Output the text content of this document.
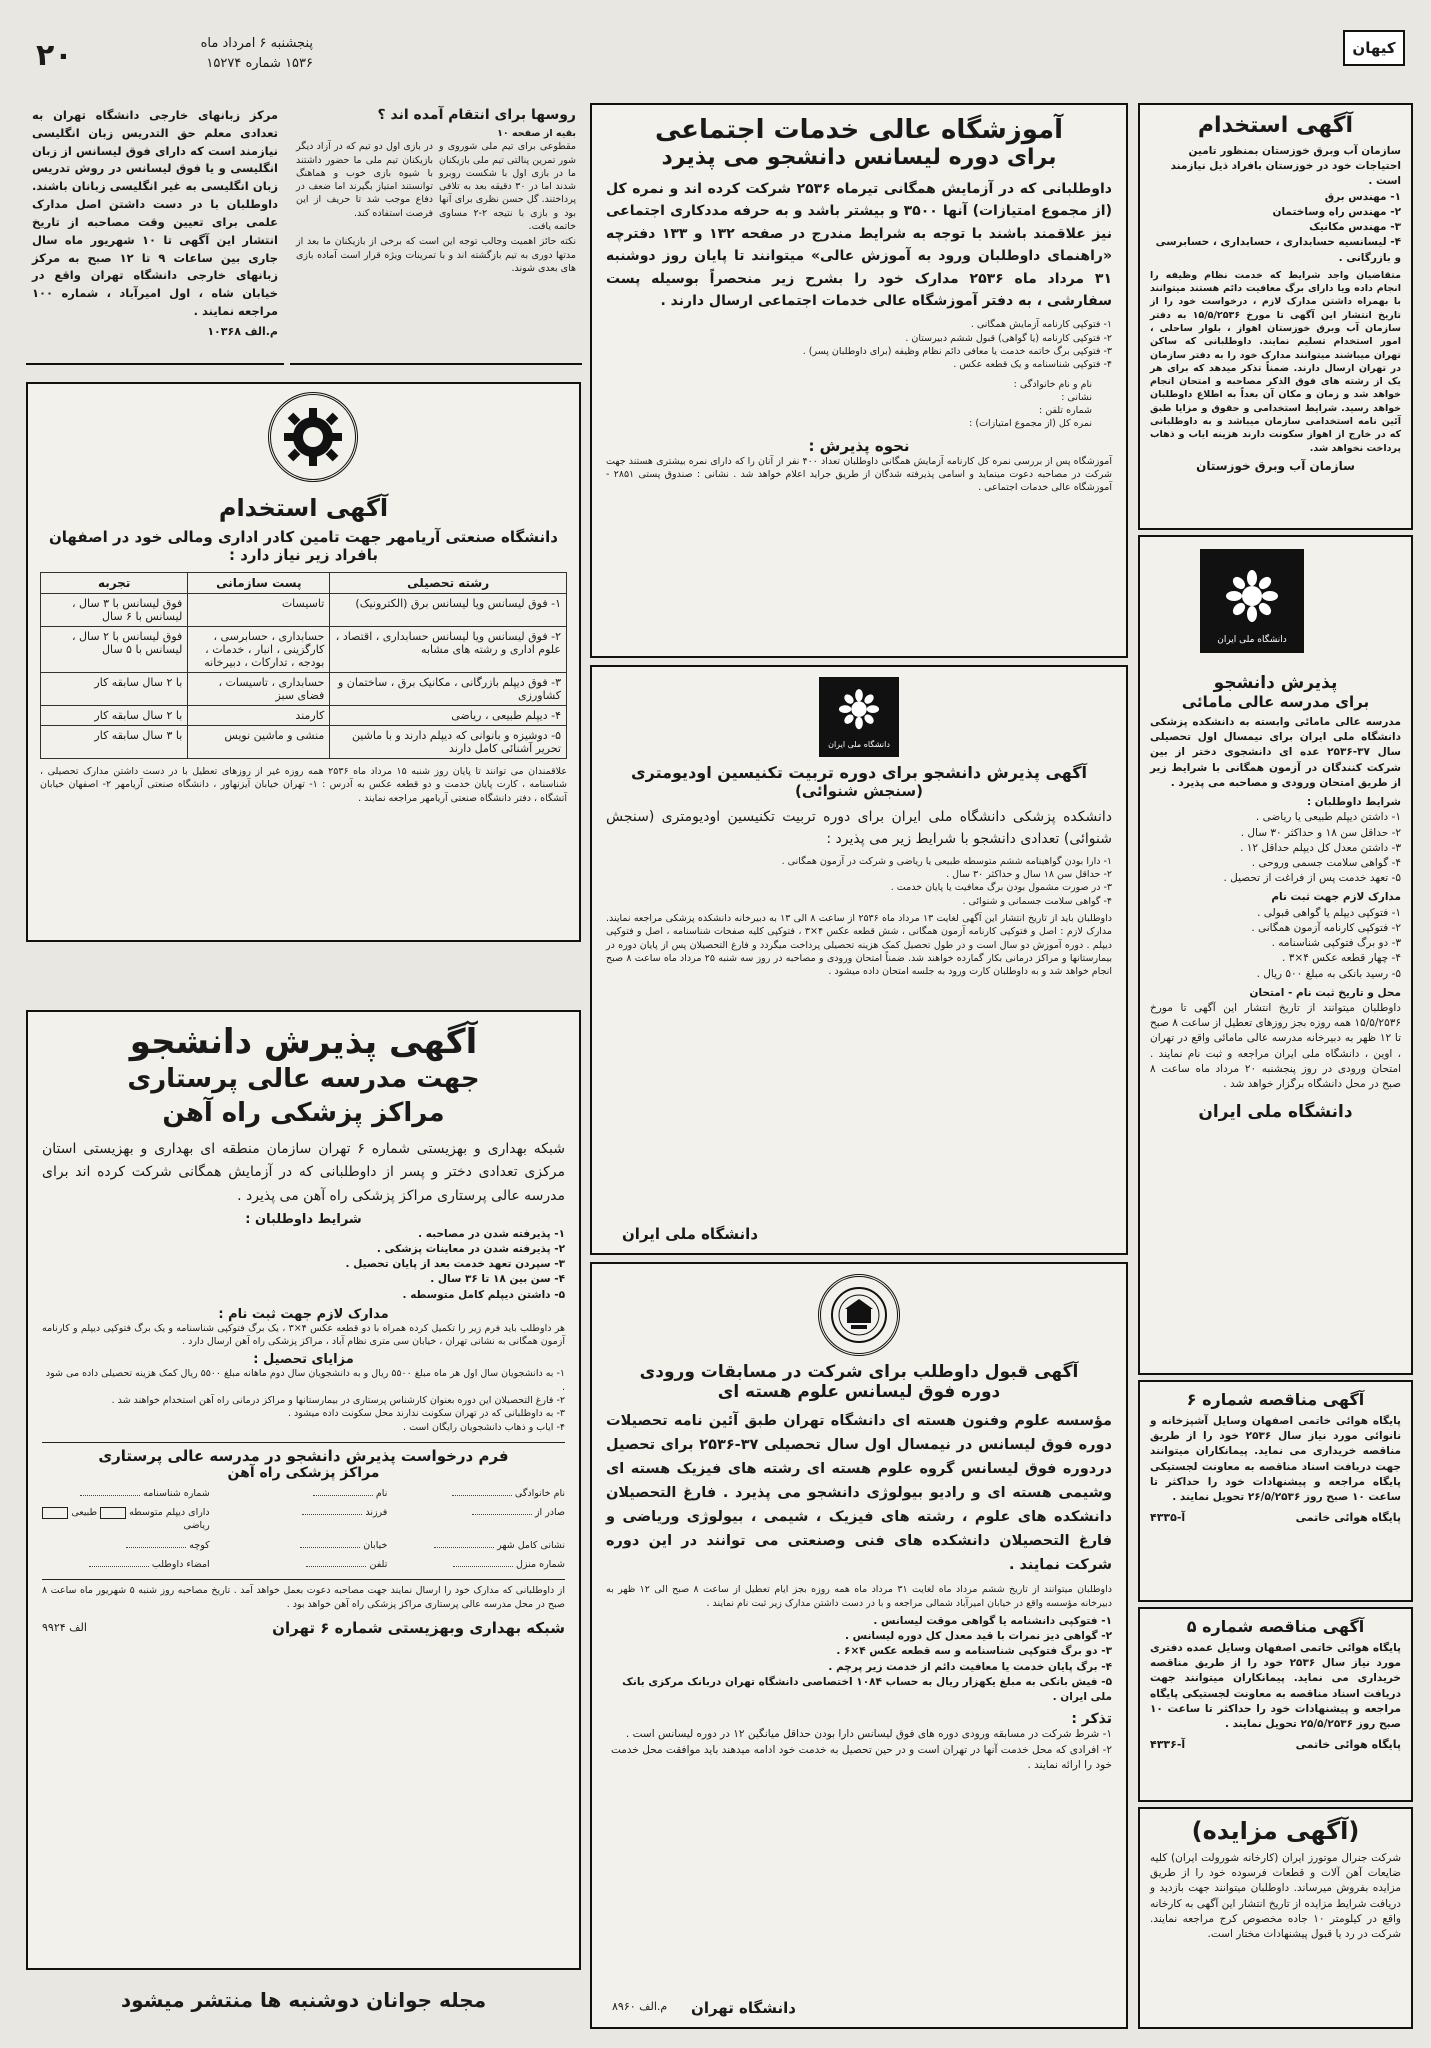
۲۰	پنجشنبه ۶ امرداد ماه
۱۵۳۶ شماره ۱۵۲۷۴
کیهان
آگهی استخدام
سازمان آب وبرق خوزستان بمنظور تامین احتیاجات خود در خوزستان بافراد ذیل نیازمند است .
۱- مهندس برق
۲- مهندس راه وساختمان
۳- مهندس مکانیک
۴- لیسانسیه حسابداری ، حسابداری ، حسابرسی و بازرگانی .
متقاضیان واجد شرایط که خدمت نظام وظیفه را انجام داده ویا دارای برگ معافیت دائم هستند میتوانند با بهمراه داشتن مدارک لازم ، درخواست خود را از تاریخ انتشار این آگهی تا مورخ ۱۵/۵/۲۵۳۶ به دفتر سازمان آب وبرق خوزستان اهواز ، بلوار ساحلی ، امور استخدام تسلیم نمایند. داوطلبانی که ساکن تهران میباشند میتوانند مدارک خود را به دفتر سازمان در تهران ارسال دارند. ضمناً تذکر میدهد که برای هر یک از رشته های فوق الذکر مصاحبه و امتحان انجام خواهد شد و زمان و مکان آن بعداً به اطلاع داوطلبان خواهد رسید. شرایط استخدامی و حقوق و مزایا طبق آئین نامه استخدامی سازمان میباشد و به داوطلبانی که در خارج از اهواز سکونت دارند هزینه ایاب و ذهاب پرداخت نخواهد شد.
سازمان آب وبرق خوزستان
دانشگاه ملی ایران
پذیرش دانشجو
برای مدرسه عالی مامائی
مدرسه عالی مامائی وابسته به دانشکده پزشکی دانشگاه ملی ایران برای نیمسال اول تحصیلی سال ۳۷-۲۵۳۶ عده ای دانشجوی دختر از بین شرکت کنندگان در آزمون همگانی با شرایط زیر از طریق امتحان ورودی و مصاحبه می پذیرد .
شرایط داوطلبان :
۱- داشتن دیپلم طبیعی یا ریاضی .
۲- حداقل سن ۱۸ و حداکثر ۳۰ سال .
۳- داشتن معدل کل دیپلم حداقل ۱۲ .
۴- گواهی سلامت جسمی وروحی .
۵- تعهد خدمت پس از فراغت از تحصیل .
مدارک لازم جهت ثبت نام
۱- فتوکپی دیپلم یا گواهی قبولی .
۲- فتوکپی کارنامه آزمون همگانی .
۳- دو برگ فتوکپی شناسنامه .
۴- چهار قطعه عکس ۴×۳ .
۵- رسید بانکی به مبلغ ۵۰۰ ریال .
محل و تاریخ ثبت نام - امتحان
داوطلبان میتوانند از تاریخ انتشار این آگهی تا مورخ ۱۵/۵/۲۵۳۶ همه روزه بجز روزهای تعطیل از ساعت ۸ صبح تا ۱۲ ظهر به دبیرخانه مدرسه عالی مامائی واقع در تهران ، اوین ، دانشگاه ملی ایران مراجعه و ثبت نام نمایند . امتحان ورودی در روز پنجشنبه ۲۰ مرداد ماه ساعت ۸ صبح در محل دانشگاه برگزار خواهد شد .
دانشگاه ملی ایران
آگهی مناقصه شماره ۶
پایگاه هوائی خاتمی اصفهان وسایل آشپزخانه و نانوائی مورد نیاز سال ۲۵۳۶ خود را از طریق مناقصه خریداری می نماید. پیمانکاران میتوانند جهت دریافت اسناد مناقصه به معاونت لجستیکی پایگاه مراجعه و پیشنهادات خود را حداکثر تا ساعت ۱۰ صبح روز ۲۶/۵/۲۵۳۶ تحویل نمایند .
پایگاه هوائی خاتمی
آ-۴۳۳۵
آگهی مناقصه شماره ۵
پایگاه هوائی خاتمی اصفهان وسایل عمده دفتری مورد نیاز سال ۲۵۳۶ خود را از طریق مناقصه خریداری می نماید. پیمانکاران میتوانند جهت دریافت اسناد مناقصه به معاونت لجستیکی پایگاه مراجعه و پیشنهادات خود را حداکثر تا ساعت ۱۰ صبح روز ۲۵/۵/۲۵۳۶ تحویل نمایند .
پایگاه هوائی خاتمی
آ-۴۳۳۶
(آگهی مزایده)
شرکت جنرال موتورز ایران (کارخانه شورولت ایران) کلیه ضایعات آهن آلات و قطعات فرسوده خود را از طریق مزایده بفروش میرساند. داوطلبان میتوانند جهت بازدید و دریافت شرایط مزایده از تاریخ انتشار این آگهی به کارخانه واقع در کیلومتر ۱۰ جاده مخصوص کرج مراجعه نمایند. شرکت در رد یا قبول پیشنهادات مختار است.
آموزشگاه عالی خدمات اجتماعی
برای دوره لیسانس دانشجو می پذیرد
داوطلبانی که در آزمایش همگانی تیرماه ۲۵۳۶ شرکت کرده اند و نمره کل (از مجموع امتیازات) آنها ۳۵۰۰ و بیشتر باشد و به حرفه مددکاری اجتماعی نیز علاقمند باشند با توجه به شرایط مندرج در صفحه ۱۳۲ و ۱۳۳ دفترچه «راهنمای داوطلبان ورود به آموزش عالی» میتوانند تا پایان روز دوشنبه ۳۱ مرداد ماه ۲۵۳۶ مدارک خود را بشرح زیر منحصراً بوسیله پست سفارشی ، به دفتر آموزشگاه عالی خدمات اجتماعی ارسال دارند .
۱- فتوکپی کارنامه آزمایش همگانی .
۲- فتوکپی کارنامه (یا گواهی) قبول ششم دبیرستان .
۳- فتوکپی برگ خاتمه خدمت یا معافی دائم نظام وظیفه (برای داوطلبان پسر) .
۴- فتوکپی شناسنامه و یک قطعه عکس .
نام و نام خانوادگی :
نشانی :
شماره تلفن :
نمره کل (از مجموع امتیازات) :
نحوه پذیرش :
آموزشگاه پس از بررسی نمره کل کارنامه آزمایش همگانی داوطلبان تعداد ۴۰۰ نفر از آنان را که دارای نمره بیشتری هستند جهت شرکت در مصاحبه دعوت مینماید و اسامی پذیرفته شدگان از طریق جراید اعلام خواهد شد . نشانی : صندوق پستی ۲۸۵۱ - آموزشگاه عالی خدمات اجتماعی .
دانشگاه ملی ایران
آگهی پذیرش دانشجو برای دوره تربیت تکنیسین اودیومتری
(سنجش شنوائی)
دانشکده پزشکی دانشگاه ملی ایران برای دوره تربیت تکنیسین اودیومتری (سنجش شنوائی) تعدادی دانشجو با شرایط زیر می پذیرد :
۱- دارا بودن گواهینامه ششم متوسطه طبیعی یا ریاضی و شرکت در آزمون همگانی .
۲- حداقل سن ۱۸ سال و حداکثر ۳۰ سال .
۳- در صورت مشمول بودن برگ معافیت یا پایان خدمت .
۴- گواهی سلامت جسمانی و شنوائی .
داوطلبان باید از تاریخ انتشار این آگهی لغایت ۱۳ مرداد ماه ۲۵۳۶ از ساعت ۸ الی ۱۳ به دبیرخانه دانشکده پزشکی مراجعه نمایند. مدارک لازم : اصل و فتوکپی کارنامه آزمون همگانی ، شش قطعه عکس ۴×۳ ، فتوکپی کلیه صفحات شناسنامه ، اصل و فتوکپی دیپلم . دوره آموزش دو سال است و در طول تحصیل کمک هزینه تحصیلی پرداخت میگردد و فارغ التحصیلان پس از پایان دوره در بیمارستانها و مراکز درمانی بکار گمارده خواهند شد. ضمناً امتحان ورودی و مصاحبه در روز سه شنبه ۲۵ مرداد ماه ساعت ۸ صبح انجام خواهد شد و به داوطلبان کارت ورود به جلسه امتحان داده میشود .
دانشگاه ملی ایران
آگهی قبول داوطلب برای شرکت در مسابقات ورودی
دوره فوق لیسانس علوم هسته ای
مؤسسه علوم وفنون هسته ای دانشگاه تهران طبق آئین نامه تحصیلات دوره فوق لیسانس در نیمسال اول سال تحصیلی ۳۷-۲۵۳۶ برای تحصیل دردوره فوق لیسانس گروه علوم هسته ای رشته های فیزیک هسته ای وشیمی هسته ای و رادیو بیولوژی دانشجو می پذیرد . فارغ التحصیلان دانشکده های علوم ، رشته های فیزیک ، شیمی ، بیولوژی وریاضی و فارغ التحصیلان دانشکده های فنی وصنعتی می توانند در این دوره شرکت نمایند .
داوطلبان میتوانند از تاریخ ششم مرداد ماه لغایت ۳۱ مرداد ماه همه روزه بجز ایام تعطیل از ساعت ۸ صبح الی ۱۲ ظهر به دبیرخانه مؤسسه واقع در خیابان امیرآباد شمالی مراجعه و با در دست داشتن مدارک زیر ثبت نام نمایند .
۱- فتوکپی دانشنامه یا گواهی موقت لیسانس .
۲- گواهی دیز نمرات با قید معدل کل دوره لیسانس .
۳- دو برگ فتوکپی شناسنامه و سه قطعه عکس ۴×۶ .
۴- برگ پایان خدمت یا معافیت دائم از خدمت زیر پرچم .
۵- فیش بانکی به مبلغ یکهزار ریال به حساب ۱۰۸۴ اختصاصی دانشگاه تهران دربانک مرکزی بانک ملی ایران .
تذکر :
۱- شرط شرکت در مسابقه ورودی دوره های فوق لیسانس دارا بودن حداقل میانگین ۱۲ در دوره لیسانس است .
۲- افرادی که محل خدمت آنها در تهران است و در حین تحصیل به خدمت خود ادامه میدهند باید موافقت محل خدمت خود را ارائه نمایند .
م.الف ۸۹۶۰ دانشگاه تهران
روسها برای انتقام آمده اند ؟
بقیه از صفحه ۱۰
مقطوعی برای تیم ملی شوروی و شور تمرین پنالتی تیم ملی بازیکنان ما در بازی اول با شکست روبرو شدند اما در ۳۰ دقیقه بعد به تلافی پرداختند. گل حسن نظری برای آنها بود و بازی با نتیجه ۲-۲ مساوی خاتمه یافت.
در بازی اول دو تیم که در آزاد دیگر بازیکنان تیم ملی ما حضور داشتند با شیوه بازی خوب و هماهنگ توانستند امتیاز بگیرند اما ضعف در دفاع موجب شد تا حریف از این فرصت استفاده کند.
نکته حائز اهمیت وجالب توجه این است که برخی از بازیکنان ما بعد از مدتها دوری به تیم بازگشته اند و با تمرینات ویژه قرار است آماده بازی های بعدی شوند.
مرکز زبانهای خارجی دانشگاه تهران به تعدادی معلم حق التدریس زبان انگلیسی نیازمند است که دارای فوق لیسانس از زبان انگلیسی و یا فوق لیسانس در روش تدریس زبان انگلیسی به غیر انگلیسی زبانان باشند. داوطلبان با در دست داشتن اصل مدارک علمی برای تعیین وقت مصاحبه از تاریخ انتشار این آگهی تا ۱۰ شهریور ماه سال جاری بین ساعات ۹ تا ۱۲ صبح به مرکز زبانهای خارجی دانشگاه تهران واقع در خیابان شاه ، اول امیرآباد ، شماره ۱۰۰ مراجعه نمایند .
م.الف ۱۰۳۶۸
آگهی استخدام
دانشگاه صنعتی آریامهر جهت تامین کادر اداری ومالی خود در اصفهان بافراد زیر نیاز دارد :
رشته تحصیلی	پست سازمانی	تجربه
۱- فوق لیسانس ویا لیسانس برق (الکترونیک)	تاسیسات	فوق لیسانس با ۳ سال ، لیسانس با ۶ سال
۲- فوق لیسانس ویا لیسانس حسابداری ، اقتصاد ، علوم اداری و رشته های مشابه	حسابداری ، حسابرسی ، کارگزینی ، انبار ، خدمات ، بودجه ، تدارکات ، دبیرخانه	فوق لیسانس با ۲ سال ، لیسانس با ۵ سال
۳- فوق دیپلم بازرگانی ، مکانیک برق ، ساختمان و کشاورزی	حسابداری ، تاسیسات ، فضای سبز	با ۲ سال سابقه کار
۴- دیپلم طبیعی ، ریاضی	کارمند	با ۲ سال سابقه کار
۵- دوشیزه و بانوانی که دیپلم دارند و با ماشین تحریر آشنائی کامل دارند	منشی و ماشین نویس	با ۳ سال سابقه کار
علاقمندان می توانند تا پایان روز شنبه ۱۵ مرداد ماه ۲۵۳۶ همه روزه غیر از روزهای تعطیل با در دست داشتن مدارک تحصیلی ، شناسنامه ، کارت پایان خدمت و دو قطعه عکس به آدرس : ۱- تهران خیابان آیزنهاور ، دانشگاه صنعتی آریامهر ۲- اصفهان خیابان آتشگاه ، دفتر دانشگاه صنعتی آریامهر مراجعه نمایند .
آگهی پذیرش دانشجو
جهت مدرسه عالی پرستاری
مراکز پزشکی راه آهن
شبکه بهداری و بهزیستی شماره ۶ تهران سازمان منطقه ای بهداری و بهزیستی استان مرکزی تعدادی دختر و پسر از داوطلبانی که در آزمایش همگانی شرکت کرده اند برای مدرسه عالی پرستاری مراکز پزشکی راه آهن می پذیرد .
شرایط داوطلبان :
۱- پذیرفته شدن در مصاحبه .
۲- پذیرفته شدن در معاینات پزشکی .
۳- سپردن تعهد خدمت بعد از پایان تحصیل .
۴- سن بین ۱۸ تا ۳۶ سال .
۵- داشتن دیپلم کامل متوسطه .
مدارک لازم جهت ثبت نام :
هر داوطلب باید فرم زیر را تکمیل کرده همراه با دو قطعه عکس ۴×۳ ، یک برگ فتوکپی شناسنامه و یک برگ فتوکپی دیپلم و کارنامه آزمون همگانی به نشانی تهران ، خیابان سی متری نظام آباد ، مراکز پزشکی راه آهن ارسال دارد .
مزایای تحصیل :
۱- به دانشجویان سال اول هر ماه مبلغ ۵۵۰۰ ریال و به دانشجویان سال دوم ماهانه مبلغ ۵۵۰۰ ریال کمک هزینه تحصیلی داده می شود .
۲- فارغ التحصیلان این دوره بعنوان کارشناس پرستاری در بیمارستانها و مراکز درمانی راه آهن استخدام خواهند شد .
۳- به داوطلبانی که در تهران سکونت ندارند محل سکونت داده میشود .
۴- ایاب و ذهاب دانشجویان رایگان است .
فرم درخواست پذیرش دانشجو در مدرسه عالی پرستاری
مراکز پزشکی راه آهن
نام خانوادگی
نام
شماره شناسنامه
صادر از
فرزند
دارای دیپلم متوسطه  طبیعی  ریاضی
نشانی کامل شهر
خیابان
کوچه
شماره منزل
تلفن
امضاء داوطلب
از داوطلبانی که مدارک خود را ارسال نمایند جهت مصاحبه دعوت بعمل خواهد آمد . تاریخ مصاحبه روز شنبه ۵ شهریور ماه ساعت ۸ صبح در محل مدرسه عالی پرستاری مراکز پزشکی راه آهن خواهد بود .
شبکه بهداری وبهزیستی شماره ۶ تهران
الف ۹۹۲۴
مجله جوانان دوشنبه ها منتشر میشود
